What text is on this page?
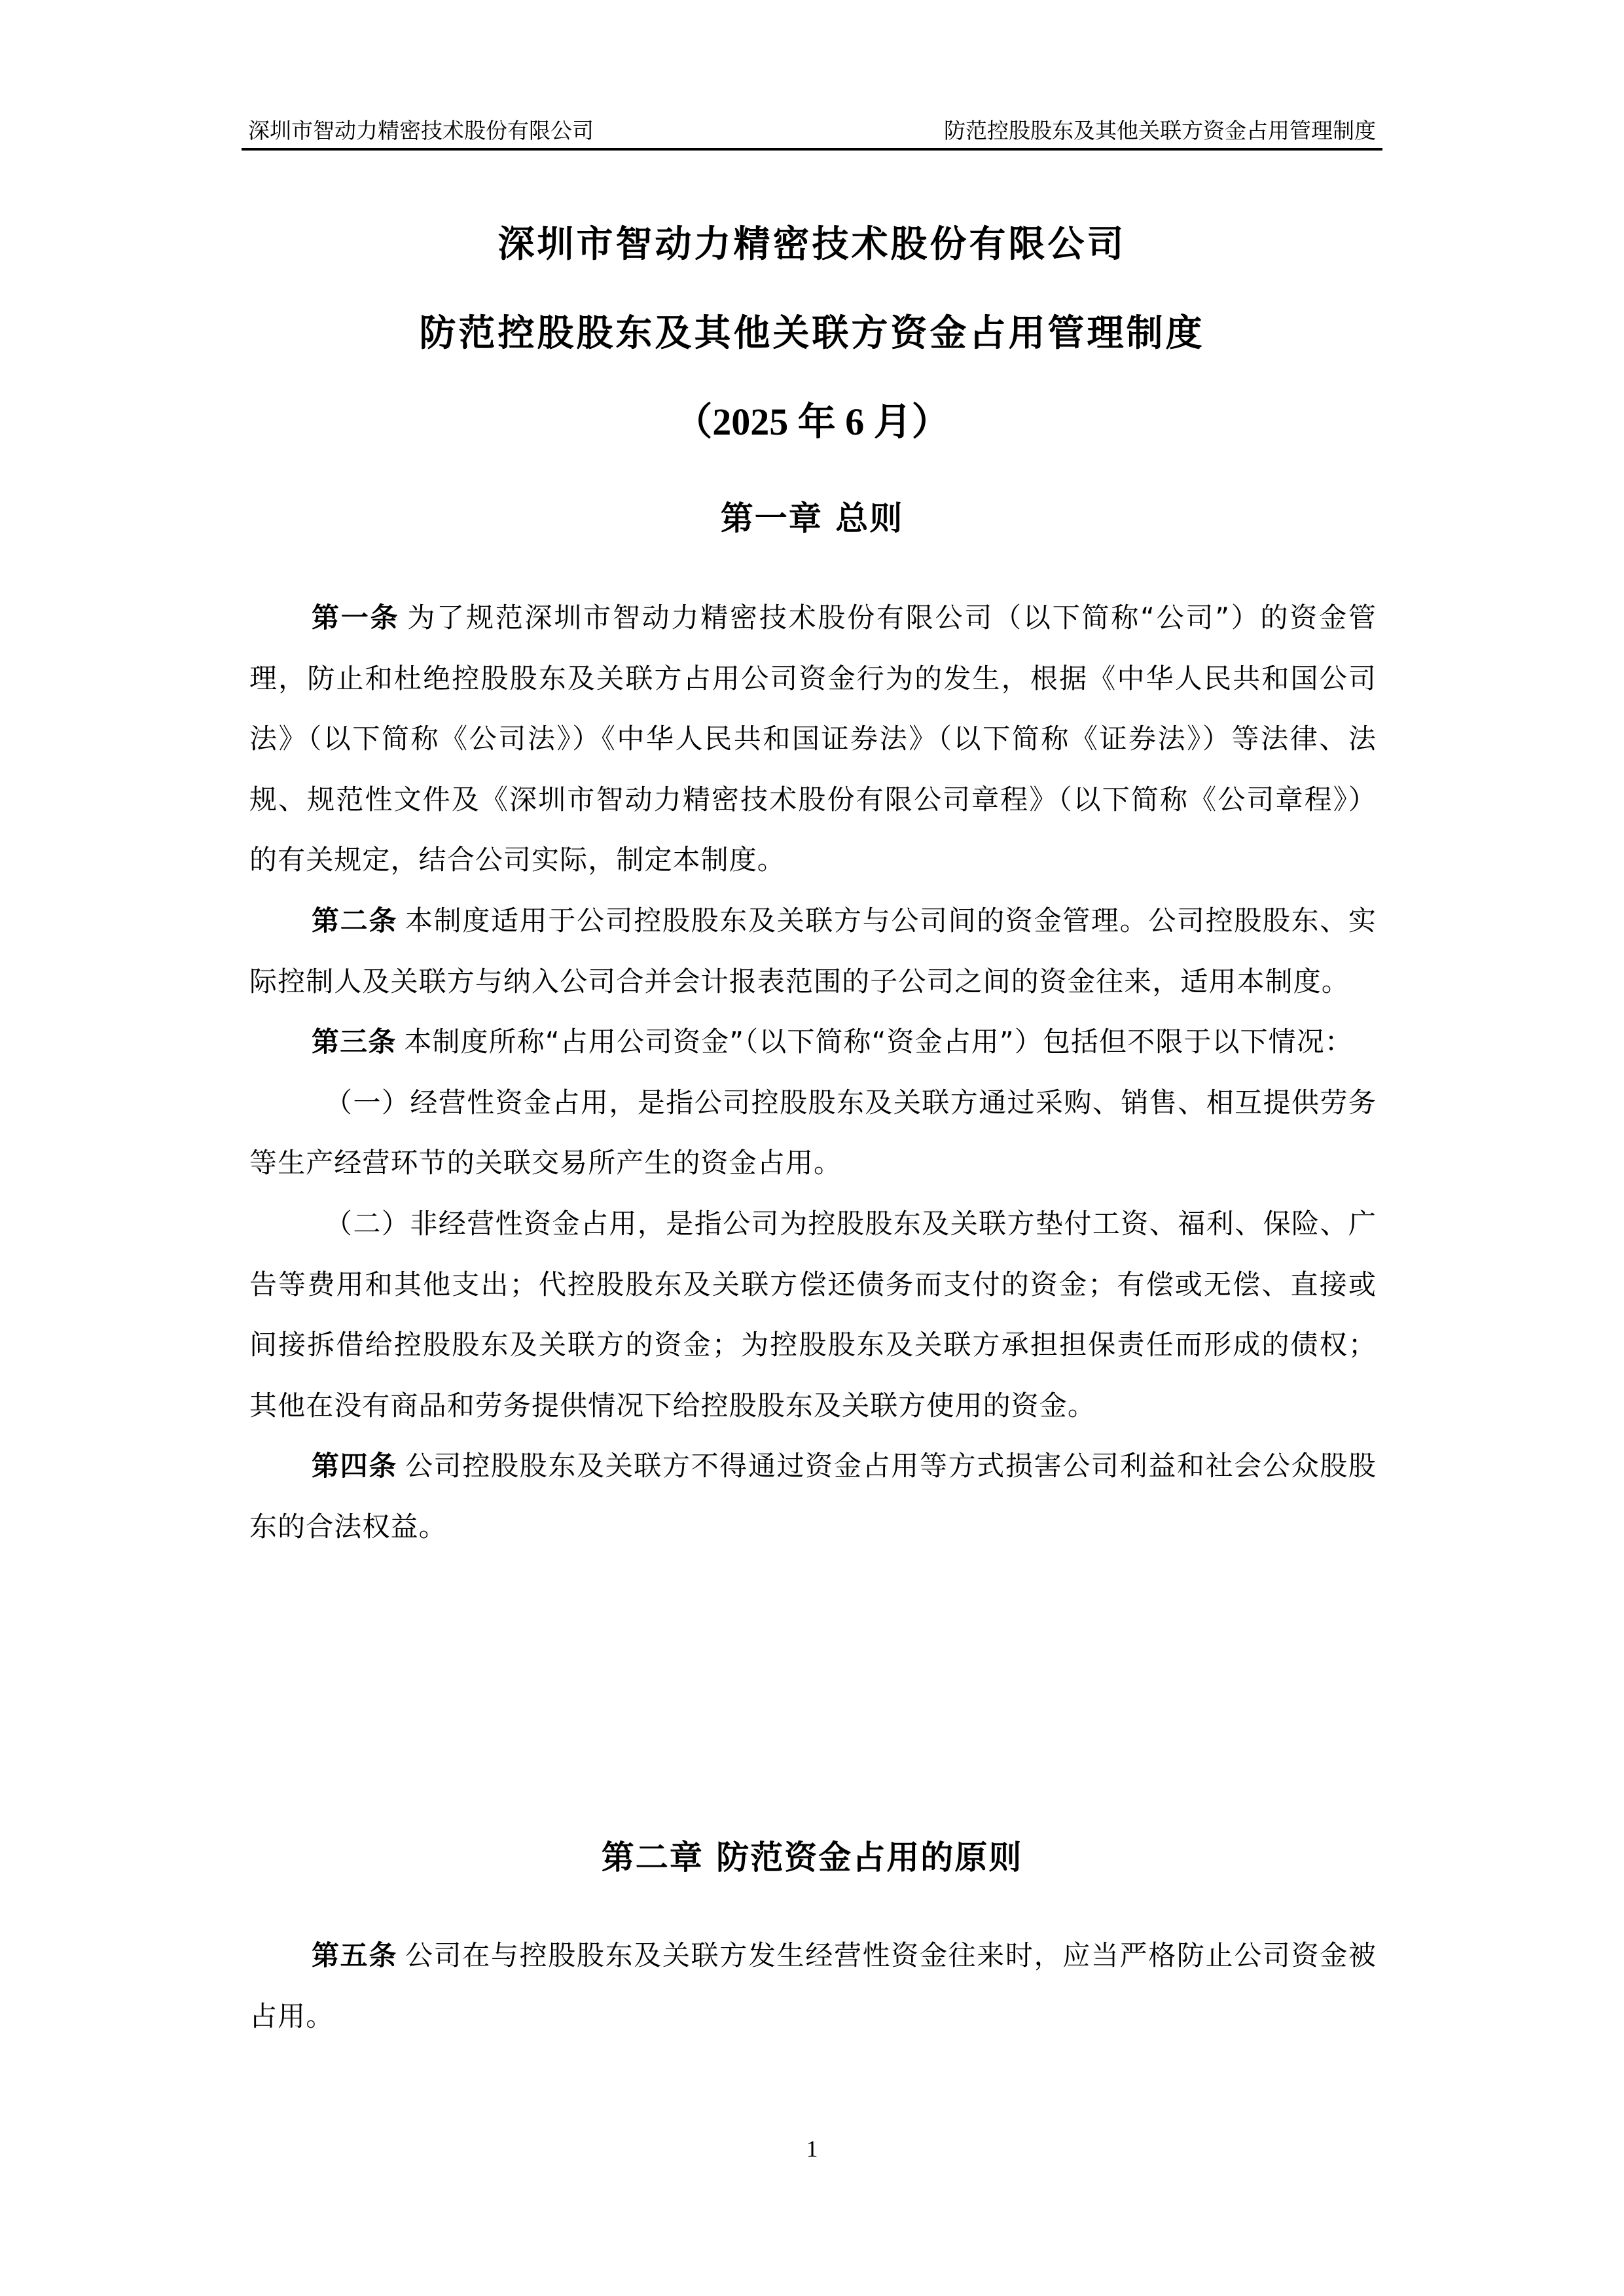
深圳市智动力精密技术股份有限公司	防范控股股东及其他关联方资金占用管理制度
深圳市智动力精密技术股份有限公司
防范控股股东及其他关联方资金占用管理制度
（2025 年 6 月）
第一章 总则

第一条 为了规范深圳市智动力精密技术股份有限公司（以下简称“公司”）的资金管理，防止和杜绝控股股东及关联方占用公司资金行为的发生，根据《中华人民共和国公司法》（以下简称《公司法》）《中华人民共和国证券法》（以下简称《证券法》）等法律、法规、规范性文件及《深圳市智动力精密技术股份有限公司章程》（以下简称《公司章程》）的有关规定，结合公司实际，制定本制度。

第二条 本制度适用于公司控股股东及关联方与公司间的资金管理。公司控股股东、实际控制人及关联方与纳入公司合并会计报表范围的子公司之间的资金往来，适用本制度。

第三条 本制度所称“占用公司资金”（以下简称“资金占用”）包括但不限于以下情况：

（一）经营性资金占用，是指公司控股股东及关联方通过采购、销售、相互提供劳务等生产经营环节的关联交易所产生的资金占用。

（二）非经营性资金占用，是指公司为控股股东及关联方垫付工资、福利、保险、广告等费用和其他支出；代控股股东及关联方偿还债务而支付的资金；有偿或无偿、直接或间接拆借给控股股东及关联方的资金；为控股股东及关联方承担担保责任而形成的债权；其他在没有商品和劳务提供情况下给控股股东及关联方使用的资金。

第四条 公司控股股东及关联方不得通过资金占用等方式损害公司利益和社会公众股股东的合法权益。

第二章 防范资金占用的原则

第五条 公司在与控股股东及关联方发生经营性资金往来时，应当严格防止公司资金被占用。

1
